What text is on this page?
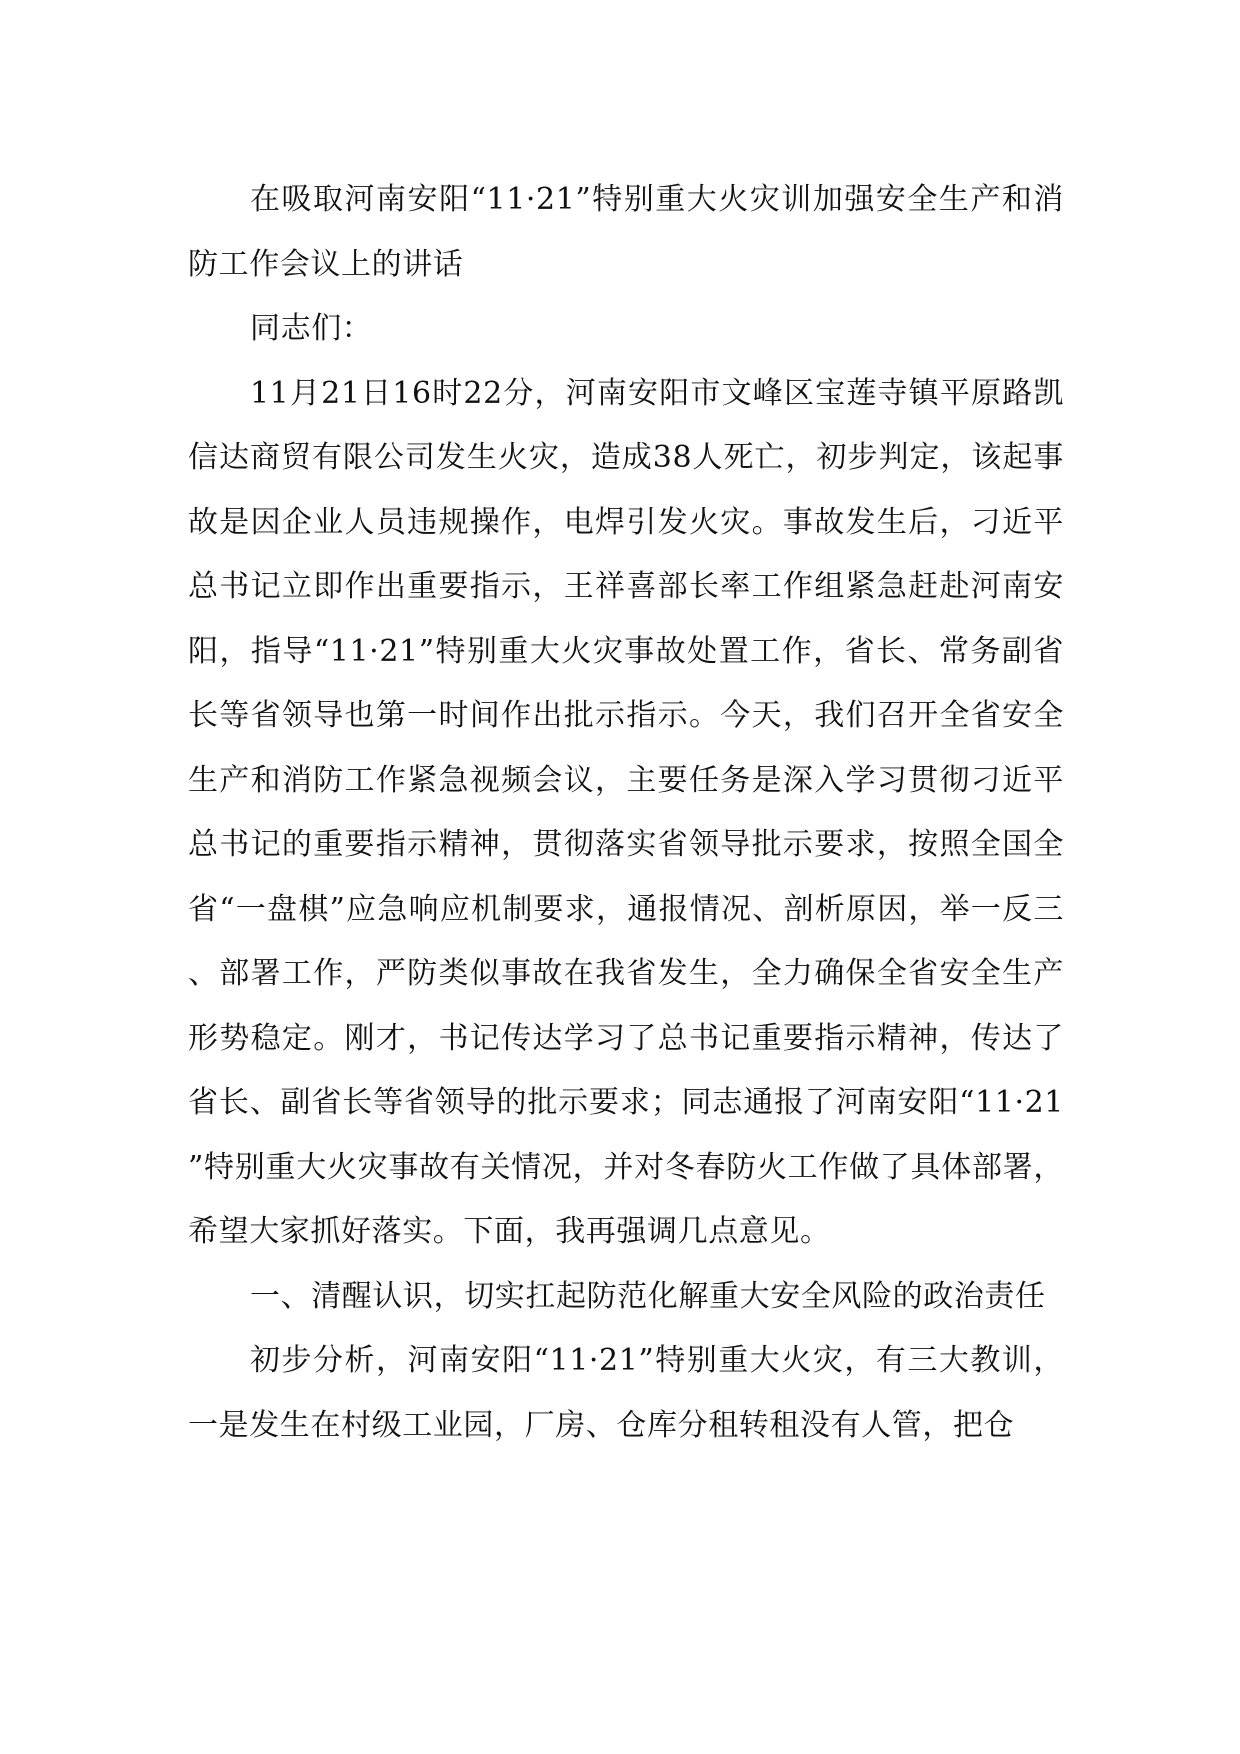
在吸取河南安阳“11·21”特别重大火灾训加强安全生产和消防工作会议上的讲话

同志们：

11月21日16时22分，河南安阳市文峰区宝莲寺镇平原路凯信达商贸有限公司发生火灾，造成38人死亡，初步判定，该起事故是因企业人员违规操作，电焊引发火灾。事故发生后，刁近平总书记立即作出重要指示，王祥喜部长率工作组紧急赶赴河南安阳，指导“11·21”特别重大火灾事故处置工作，省长、常务副省长等省领导也第一时间作出批示指示。今天，我们召开全省安全生产和消防工作紧急视频会议，主要任务是深入学习贯彻刁近平总书记的重要指示精神，贯彻落实省领导批示要求，按照全国全省“一盘棋”应急响应机制要求，通报情况、剖析原因，举一反三、部署工作，严防类似事故在我省发生，全力确保全省安全生产形势稳定。刚才，书记传达学习了总书记重要指示精神，传达了省长、副省长等省领导的批示要求；同志通报了河南安阳“11·21”特别重大火灾事故有关情况，并对冬春防火工作做了具体部署，希望大家抓好落实。下面，我再强调几点意见。

一、清醒认识，切实扛起防范化解重大安全风险的政治责任

初步分析，河南安阳“11·21”特别重大火灾，有三大教训，一是发生在村级工业园，厂房、仓库分租转租没有人管，把仓
